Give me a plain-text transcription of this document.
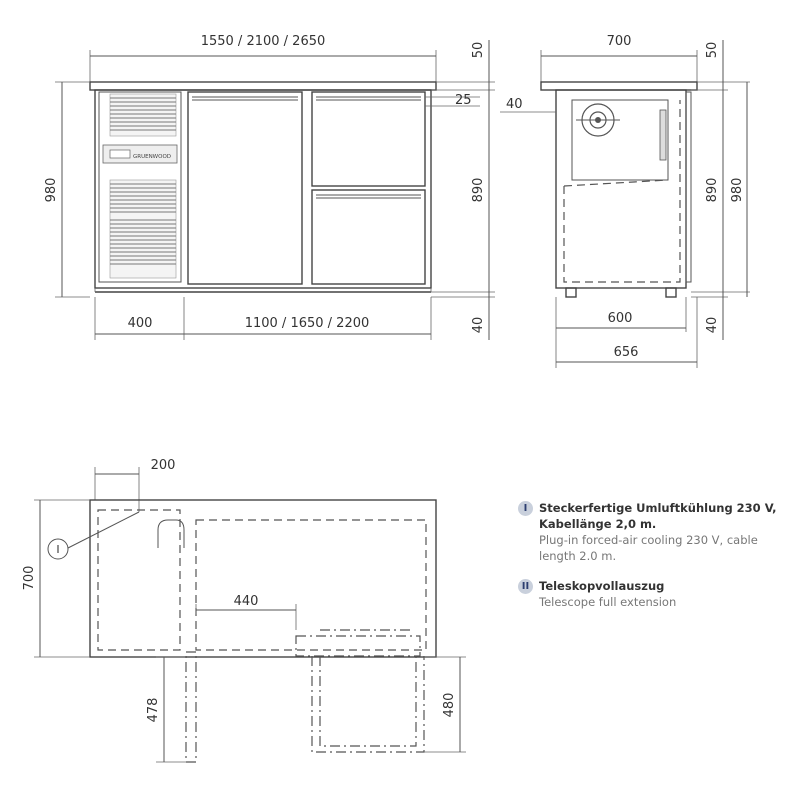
1550 / 2100 / 2650
GRUENWOOD
25
980
50
890
40
400	1100 / 1650 / 2200
700
40
50
890 980
40
600
656
200
I
440
478	480
700
I	Steckerfertige Umluftkühlung 230 V, Kabellänge 2,0 m.
Plug-in forced-air cooling 230 V, cable length 2.0 m.
II Teleskopvollauszug
Telescope full extension
